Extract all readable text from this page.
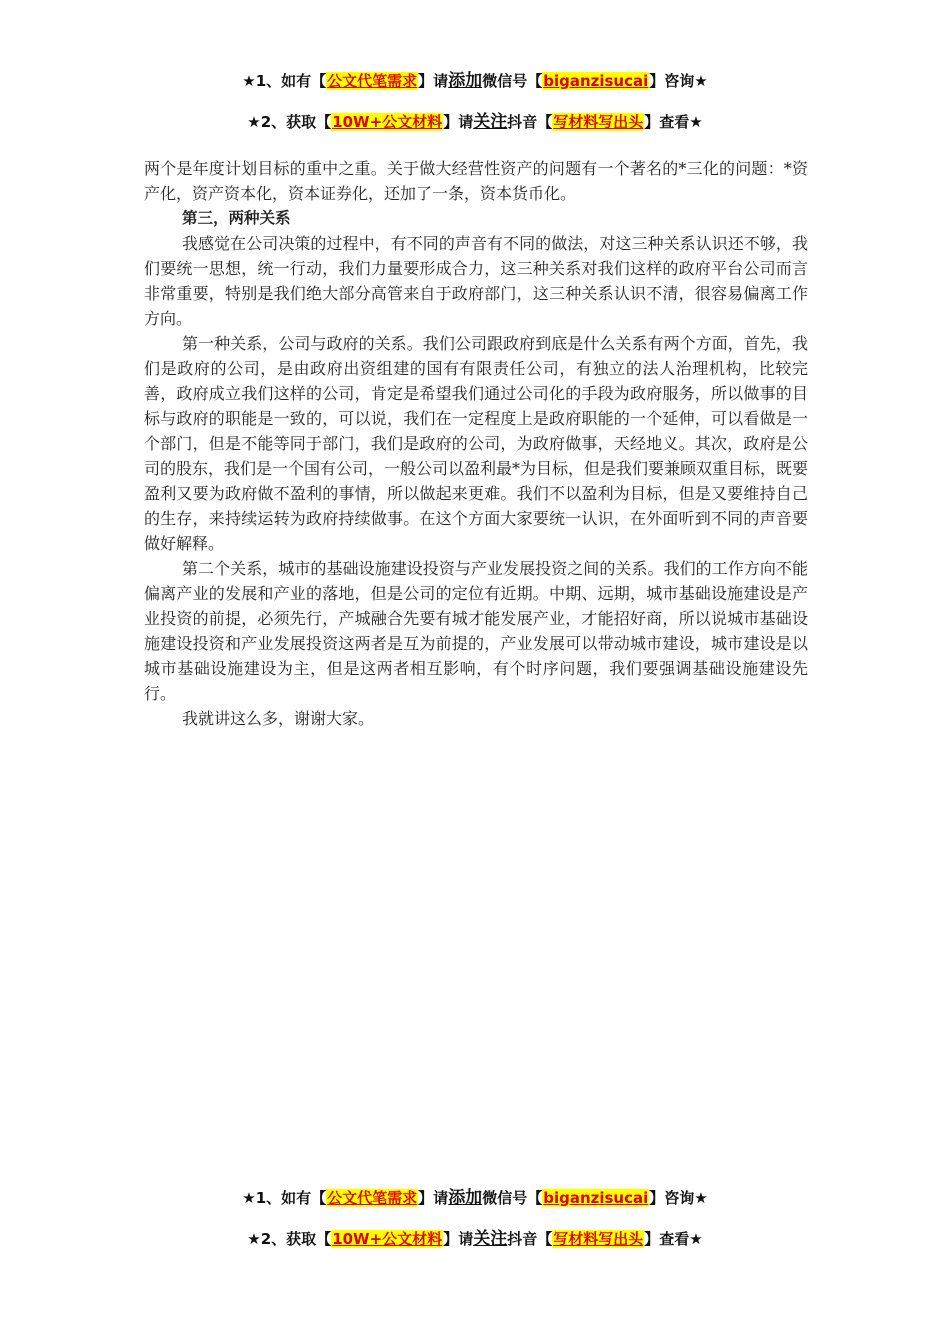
★1、如有【公文代笔需求】请添加微信号【biganzisucai】咨询★
★2、获取【10W+公文材料】请关注抖音【写材料写出头】查看★

两个是年度计划目标的重中之重。关于做大经营性资产的问题有一个著名的*三化的问题：*资产化，资产资本化，资本证券化，还加了一条，资本货币化。

第三，两种关系

我感觉在公司决策的过程中，有不同的声音有不同的做法，对这三种关系认识还不够，我们要统一思想，统一行动，我们力量要形成合力，这三种关系对我们这样的政府平台公司而言非常重要，特别是我们绝大部分高管来自于政府部门，这三种关系认识不清，很容易偏离工作方向。

第一种关系，公司与政府的关系。我们公司跟政府到底是什么关系有两个方面，首先，我们是政府的公司，是由政府出资组建的国有有限责任公司，有独立的法人治理机构，比较完善，政府成立我们这样的公司，肯定是希望我们通过公司化的手段为政府服务，所以做事的目标与政府的职能是一致的，可以说，我们在一定程度上是政府职能的一个延伸，可以看做是一个部门，但是不能等同于部门，我们是政府的公司，为政府做事，天经地义。其次，政府是公司的股东，我们是一个国有公司，一般公司以盈利最*为目标，但是我们要兼顾双重目标，既要盈利又要为政府做不盈利的事情，所以做起来更难。我们不以盈利为目标，但是又要维持自己的生存，来持续运转为政府持续做事。在这个方面大家要统一认识，在外面听到不同的声音要做好解释。

第二个关系，城市的基础设施建设投资与产业发展投资之间的关系。我们的工作方向不能偏离产业的发展和产业的落地，但是公司的定位有近期。中期、远期，城市基础设施建设是产业投资的前提，必须先行，产城融合先要有城才能发展产业，才能招好商，所以说城市基础设施建设投资和产业发展投资这两者是互为前提的，产业发展可以带动城市建设，城市建设是以城市基础设施建设为主，但是这两者相互影响，有个时序问题，我们要强调基础设施建设先行。

我就讲这么多，谢谢大家。

★1、如有【公文代笔需求】请添加微信号【biganzisucai】咨询★
★2、获取【10W+公文材料】请关注抖音【写材料写出头】查看★
